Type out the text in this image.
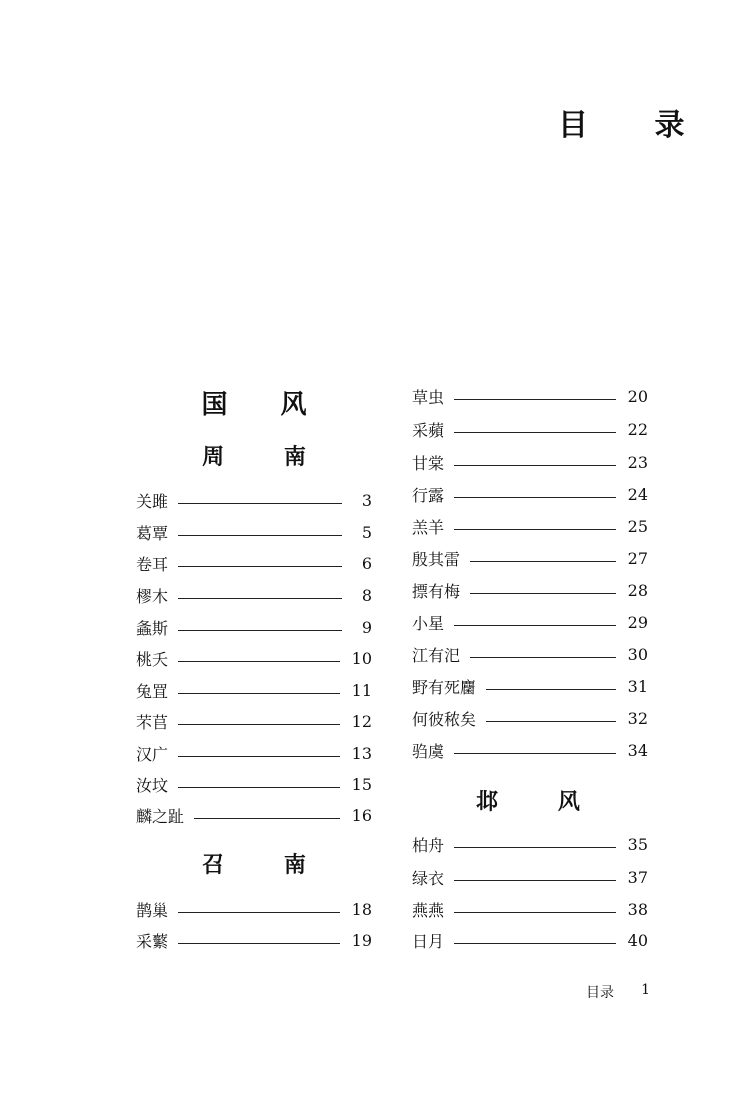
目 录
国 风
周 南
召 南
邶 风
关雎	3
葛覃	5
卷耳	6
樛木	8
螽斯	9
桃夭	10
兔罝	11
芣苢	12
汉广	13
汝坟	15
麟之趾	16
鹊巢	18
采蘩	19
草虫	20
采蘋	22
甘棠	23
行露	24
羔羊	25
殷其雷	27
摽有梅	28
小星	29
江有汜	30
野有死麕	31
何彼秾矣	32
驺虞	34
柏舟	35
绿衣	37
燕燕	38
日月	40
目录 1
